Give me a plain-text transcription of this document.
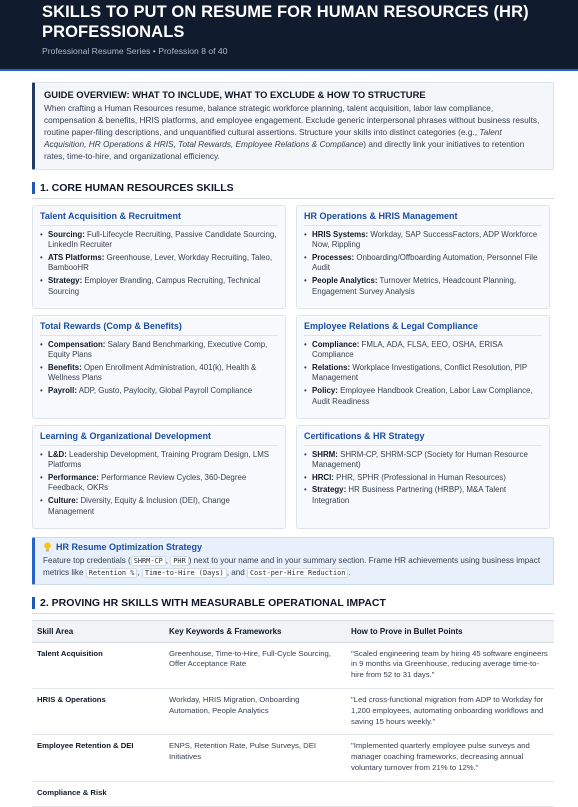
SKILLS TO PUT ON RESUME FOR HUMAN RESOURCES (HR)
PROFESSIONALS
Professional Resume Series • Profession 8 of 40
GUIDE OVERVIEW: WHAT TO INCLUDE, WHAT TO EXCLUDE & HOW TO STRUCTURE

When crafting a Human Resources resume, balance strategic workforce planning, talent acquisition, labor law compliance, compensation & benefits, HRIS platforms, and employee engagement. Exclude generic interpersonal phrases without business results, routine paper-filing descriptions, and unquantified cultural assertions. Structure your skills into distinct categories (e.g., Talent Acquisition, HR Operations & HRIS, Total Rewards, Employee Relations & Compliance) and directly link your initiatives to retention rates, time-to-hire, and organizational efficiency.

1. CORE HUMAN RESOURCES SKILLS
Talent Acquisition & Recruitment
• Sourcing: Full-Lifecycle Recruiting, Passive Candidate Sourcing, LinkedIn Recruiter
• ATS Platforms: Greenhouse, Lever, Workday Recruiting, Taleo, BambooHR
• Strategy: Employer Branding, Campus Recruiting, Technical Sourcing
HR Operations & HRIS Management
• HRIS Systems: Workday, SAP SuccessFactors, ADP Workforce Now, Rippling
• Processes: Onboarding/Offboarding Automation, Personnel File Audit
• People Analytics: Turnover Metrics, Headcount Planning, Engagement Survey Analysis
Total Rewards (Comp & Benefits)
• Compensation: Salary Band Benchmarking, Executive Comp, Equity Plans
• Benefits: Open Enrollment Administration, 401(k), Health & Wellness Plans
• Payroll: ADP, Gusto, Paylocity, Global Payroll Compliance
Employee Relations & Legal Compliance
• Compliance: FMLA, ADA, FLSA, EEO, OSHA, ERISA Compliance
• Relations: Workplace Investigations, Conflict Resolution, PIP Management
• Policy: Employee Handbook Creation, Labor Law Compliance, Audit Readiness
Learning & Organizational Development
• L&D: Leadership Development, Training Program Design, LMS Platforms
• Performance: Performance Review Cycles, 360-Degree Feedback, OKRs
• Culture: Diversity, Equity & Inclusion (DEI), Change Management
Certifications & HR Strategy
• SHRM: SHRM-CP, SHRM-SCP (Society for Human Resource Management)
• HRCI: PHR, SPHR (Professional in Human Resources)
• Strategy: HR Business Partnering (HRBP), M&A Talent Integration
HR Resume Optimization Strategy

Feature top credentials ( SHRM-CP , PHR ) next to your name and in your summary section. Frame HR achievements using business impact metrics like Retention % , Time-to-Hire (Days) , and Cost-per-Hire Reduction .

2. PROVING HR SKILLS WITH MEASURABLE OPERATIONAL IMPACT
Skill Area	Key Keywords & Frameworks	How to Prove in Bullet Points
Talent Acquisition	Greenhouse, Time-to-Hire, Full-Cycle Sourcing, Offer Acceptance Rate	"Scaled engineering team by hiring 45 software engineers in 9 months via Greenhouse, reducing average time-to-hire from 52 to 31 days."
HRIS & Operations	Workday, HRIS Migration, Onboarding Automation, People Analytics	"Led cross-functional migration from ADP to Workday for 1,200 employees, automating onboarding workflows and saving 15 hours weekly."
Employee Retention & DEI	ENPS, Retention Rate, Pulse Surveys, DEI Initiatives	"Implemented quarterly employee pulse surveys and manager coaching frameworks, decreasing annual voluntary turnover from 21% to 12%."
Compliance & Risk		
